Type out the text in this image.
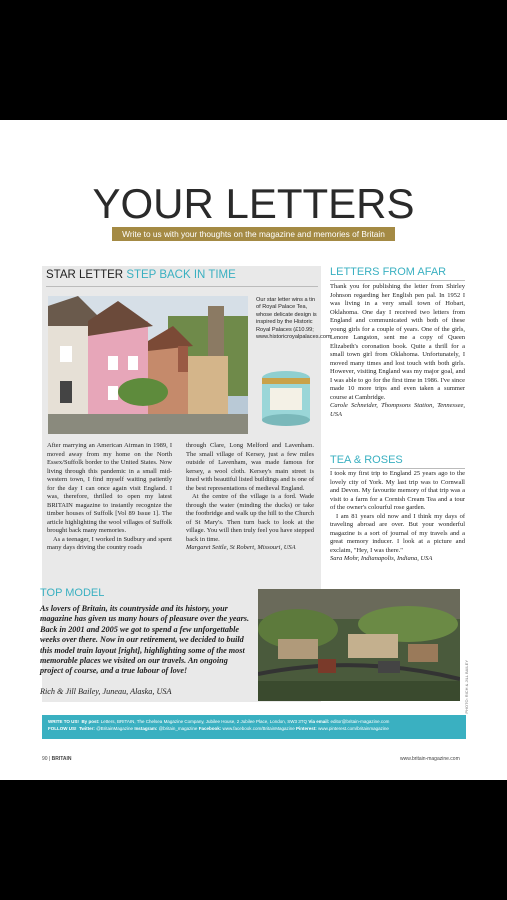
YOUR LETTERS
Write to us with your thoughts on the magazine and memories of Britain
STAR LETTER STEP BACK IN TIME
Our star letter wins a tin of Royal Palace Tea, whose delicate design is inspired by the Historic Royal Palaces (£10.99; www.historicroyalpalaces.com

After marrying an American Airman in 1989, I moved away from my home on the North Essex/Suffolk border to the United States. Now living through this pandemic in a small mid-western town, I find myself waiting patiently for the day I can once again visit England. I was, therefore, thrilled to open my latest BRITAIN magazine to instantly recognize the timber houses of Suffolk [Vol 89 Issue 1]. The article highlighting the wool villages of Suffolk brought back many memories.

As a teenager, I worked in Sudbury and spent many days driving the country roads

through Clare, Long Melford and Lavenham. The small village of Kersey, just a few miles outside of Lavenham, was made famous for kersey, a wool cloth. Kersey's main street is lined with beautiful listed buildings and is one of the best representations of medieval England.

At the centre of the village is a ford. Wade through the water (minding the ducks) or take the footbridge and walk up the hill to the Church of St Mary's. Then turn back to look at the village. You will then truly feel you have stepped back in time.

Margaret Settle, St Robert, Missouri, USA

LETTERS FROM AFAR

Thank you for publishing the letter from Shirley Johnson regarding her English pen pal. In 1952 I was living in a very small town of Hobart, Oklahoma. One day I received two letters from England and communicated with both of these young girls for a couple of years. One of the girls, Lenore Langston, sent me a copy of Queen Elizabeth's coronation book. Quite a thrill for a small town girl from Oklahoma. Unfortunately, I moved many times and lost touch with both girls. However, visiting England was my major goal, and I was able to go for the first time in 1986. I've since made 10 more trips and even taken a summer course at Cambridge.

Carole Schneider, Thompsons Station, Tennessee, USA

TEA & ROSES

I took my first trip to England 25 years ago to the lovely city of York. My last trip was to Cornwall and Devon. My favourite memory of that trip was a visit to a farm for a Cornish Cream Tea and a tour of the owner's colourful rose garden.

I am 81 years old now and I think my days of traveling abroad are over. But your wonderful magazine is a sort of journal of my travels and a great memory inducer. I look at a picture and exclaim, "Hey, I was there."

Sara Mohr, Indianapolis, Indiana, USA

TOP MODEL
As lovers of Britain, its countryside and its history, your magazine has given us many hours of pleasure over the years. Back in 2001 and 2005 we got to spend a few unforgettable weeks over there. Now in our retirement, we decided to build this model train layout [right], highlighting some of the most memorable places we visited on our travels. An ongoing project of course, and a true labour of love!
Rich & Jill Bailey, Juneau, Alaska, USA	PHOTO: RICH & JILL BAILEY
WRITE TO US! By post: Letters, BRITAIN, The Chelsea Magazine Company, Jubilee House, 2 Jubilee Place, London, SW3 3TQ Via email: editor@britain-magazine.com
FOLLOW US! Twitter: @BritainMagazine Instagram: @britain_magazine Facebook: www.facebook.com/BritainMagazine Pinterest: www.pinterest.com/britainmagazine
90 | BRITAIN	www.britain-magazine.com
